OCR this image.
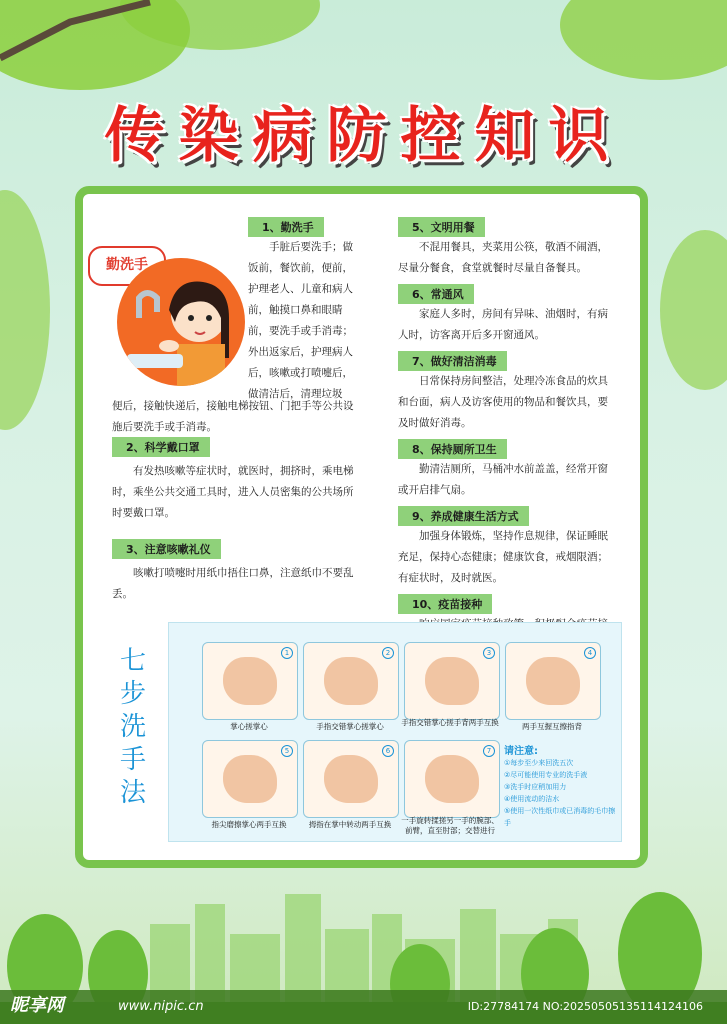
传染病防控知识
勤洗手
1、勤洗手
手脏后要洗手；做饭前，餐饮前，便前，护理老人、儿童和病人 前，触摸口鼻和眼睛前，要洗手或手消毒；外出返家后，护理病人后，咳嗽或打喷嚏后，做清洁后，清理垃圾
便后，接触快递后，接触电梯按钮、门把手等公共设施后要洗手或手消毒。
2、科学戴口罩
有发热咳嗽等症状时，就医时，拥挤时，乘电梯时，乘坐公共交通工具时，进入人员密集的公共场所时要戴口罩。
3、注意咳嗽礼仪
咳嗽打喷嚏时用纸巾捂住口鼻，注意纸巾不要乱丢。
5、文明用餐
不混用餐具，夹菜用公筷，敬酒不闹酒，尽量分餐食，食堂就餐时尽量自备餐具。
6、常通风
家庭人多时，房间有异味、油烟时，有病人时，访客离开后多开窗通风。
7、做好清洁消毒
日常保持房间整洁，处理冷冻食品的炊具和台面，病人及访客使用的物品和餐饮具，要及时做好消毒。
8、保持厕所卫生
勤清洁厕所，马桶冲水前盖盖，经常开窗或开启排气扇。
9、养成健康生活方式
加强身体锻炼，坚持作息规律，保证睡眠充足，保持心态健康；健康饮食，戒烟限酒；有症状时，及时就医。
10、疫苗接种
七
步
洗
手
法
1
掌心搓掌心
2
手指交错掌心搓掌心
3
手指交错掌心搓手背两手互换
4
两手互握互擦指背
5
指尖磨擦掌心两手互换
6
拇指在掌中转动两手互换
7
一手旋转揉搓另一手的腕部、前臂，直至肘部；交替进行
请注意:
①每步至少来回洗五次
②尽可能使用专业的洗手液
③洗手时应稍加用力
④使用流动的洁水
⑤使用一次性纸巾或已消毒的毛巾擦手
昵享网	www.nipic.cn	ID:27784174 NO:20250505135114124106
